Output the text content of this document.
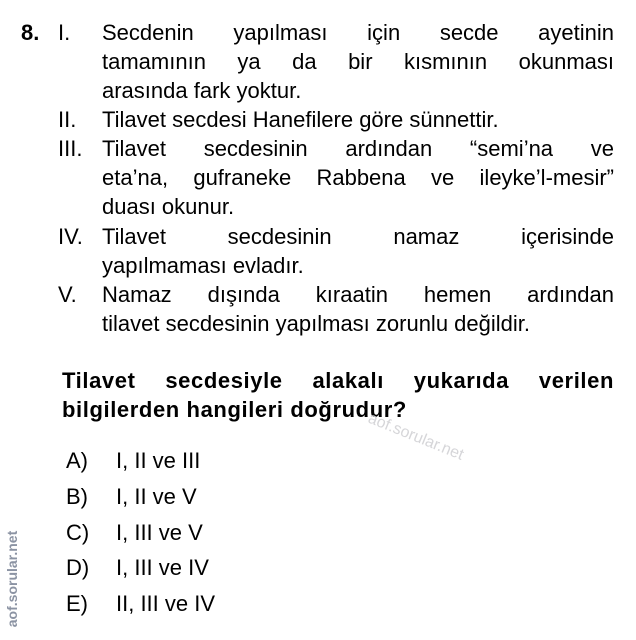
8. I.	Secdenin yapılması için secde ayetinin
tamamının ya da bir kısmının okunması
arasında fark yoktur.
II.	Tilavet secdesi Hanefilere göre sünnettir.
III. Tilavet secdesinin ardından “semi’na ve
eta’na, gufraneke Rabbena ve ileyke’l-mesir”
duası okunur.
IV. Tilavet secdesinin namaz içerisinde
yapılmaması evladır.
V.	Namaz dışında kıraatin hemen ardından
tilavet secdesinin yapılması zorunlu değildir.
Tilavet secdesiyle alakalı yukarıda verilen
bilgilerden hangileri doğrudur?
A)	I, II ve III
B)	I, II ve V
C)	I, III ve V
D)	I, III ve IV
E)	II, III ve IV
aof.sorular.net
aof.sorular.net
